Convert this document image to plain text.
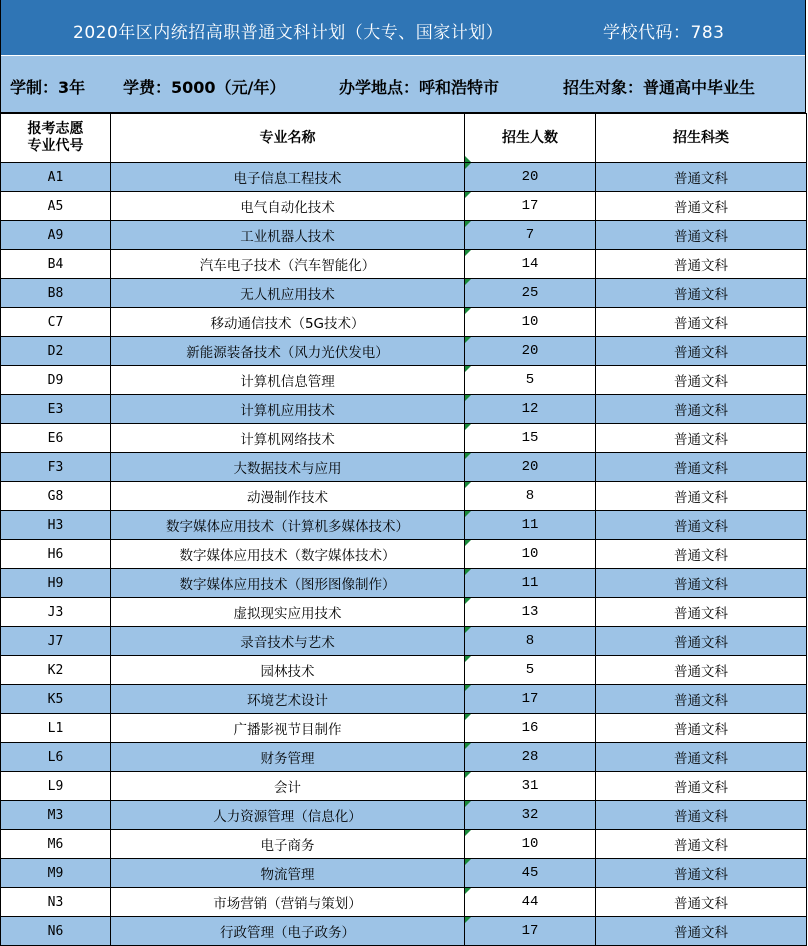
2020年区内统招高职普通文科计划（大专、国家计划）	学校代码：783
学制：3年 学费：5000（元/年）	办学地点：呼和浩特市	招生对象：普通高中毕业生
报考志愿
专业代号	专业名称	招生人数	招生科类
A1	电子信息工程技术	20	普通文科
A5	电气自动化技术	17	普通文科
A9	工业机器人技术	7	普通文科
B4	汽车电子技术（汽车智能化）	14	普通文科
B8	无人机应用技术	25	普通文科
C7	移动通信技术（5G技术）	10	普通文科
D2	新能源装备技术（风力光伏发电）	20	普通文科
D9	计算机信息管理	5	普通文科
E3	计算机应用技术	12	普通文科
E6	计算机网络技术	15	普通文科
F3	大数据技术与应用	20	普通文科
G8	动漫制作技术	8	普通文科
H3	数字媒体应用技术（计算机多媒体技术）	11	普通文科
H6	数字媒体应用技术（数字媒体技术）	10	普通文科
H9	数字媒体应用技术（图形图像制作）	11	普通文科
J3	虚拟现实应用技术	13	普通文科
J7	录音技术与艺术	8	普通文科
K2	园林技术	5	普通文科
K5	环境艺术设计	17	普通文科
L1	广播影视节目制作	16	普通文科
L6	财务管理	28	普通文科
L9	会计	31	普通文科
M3	人力资源管理（信息化）	32	普通文科
M6	电子商务	10	普通文科
M9	物流管理	45	普通文科
N3	市场营销（营销与策划）	44	普通文科
N6	行政管理（电子政务）	17	普通文科
